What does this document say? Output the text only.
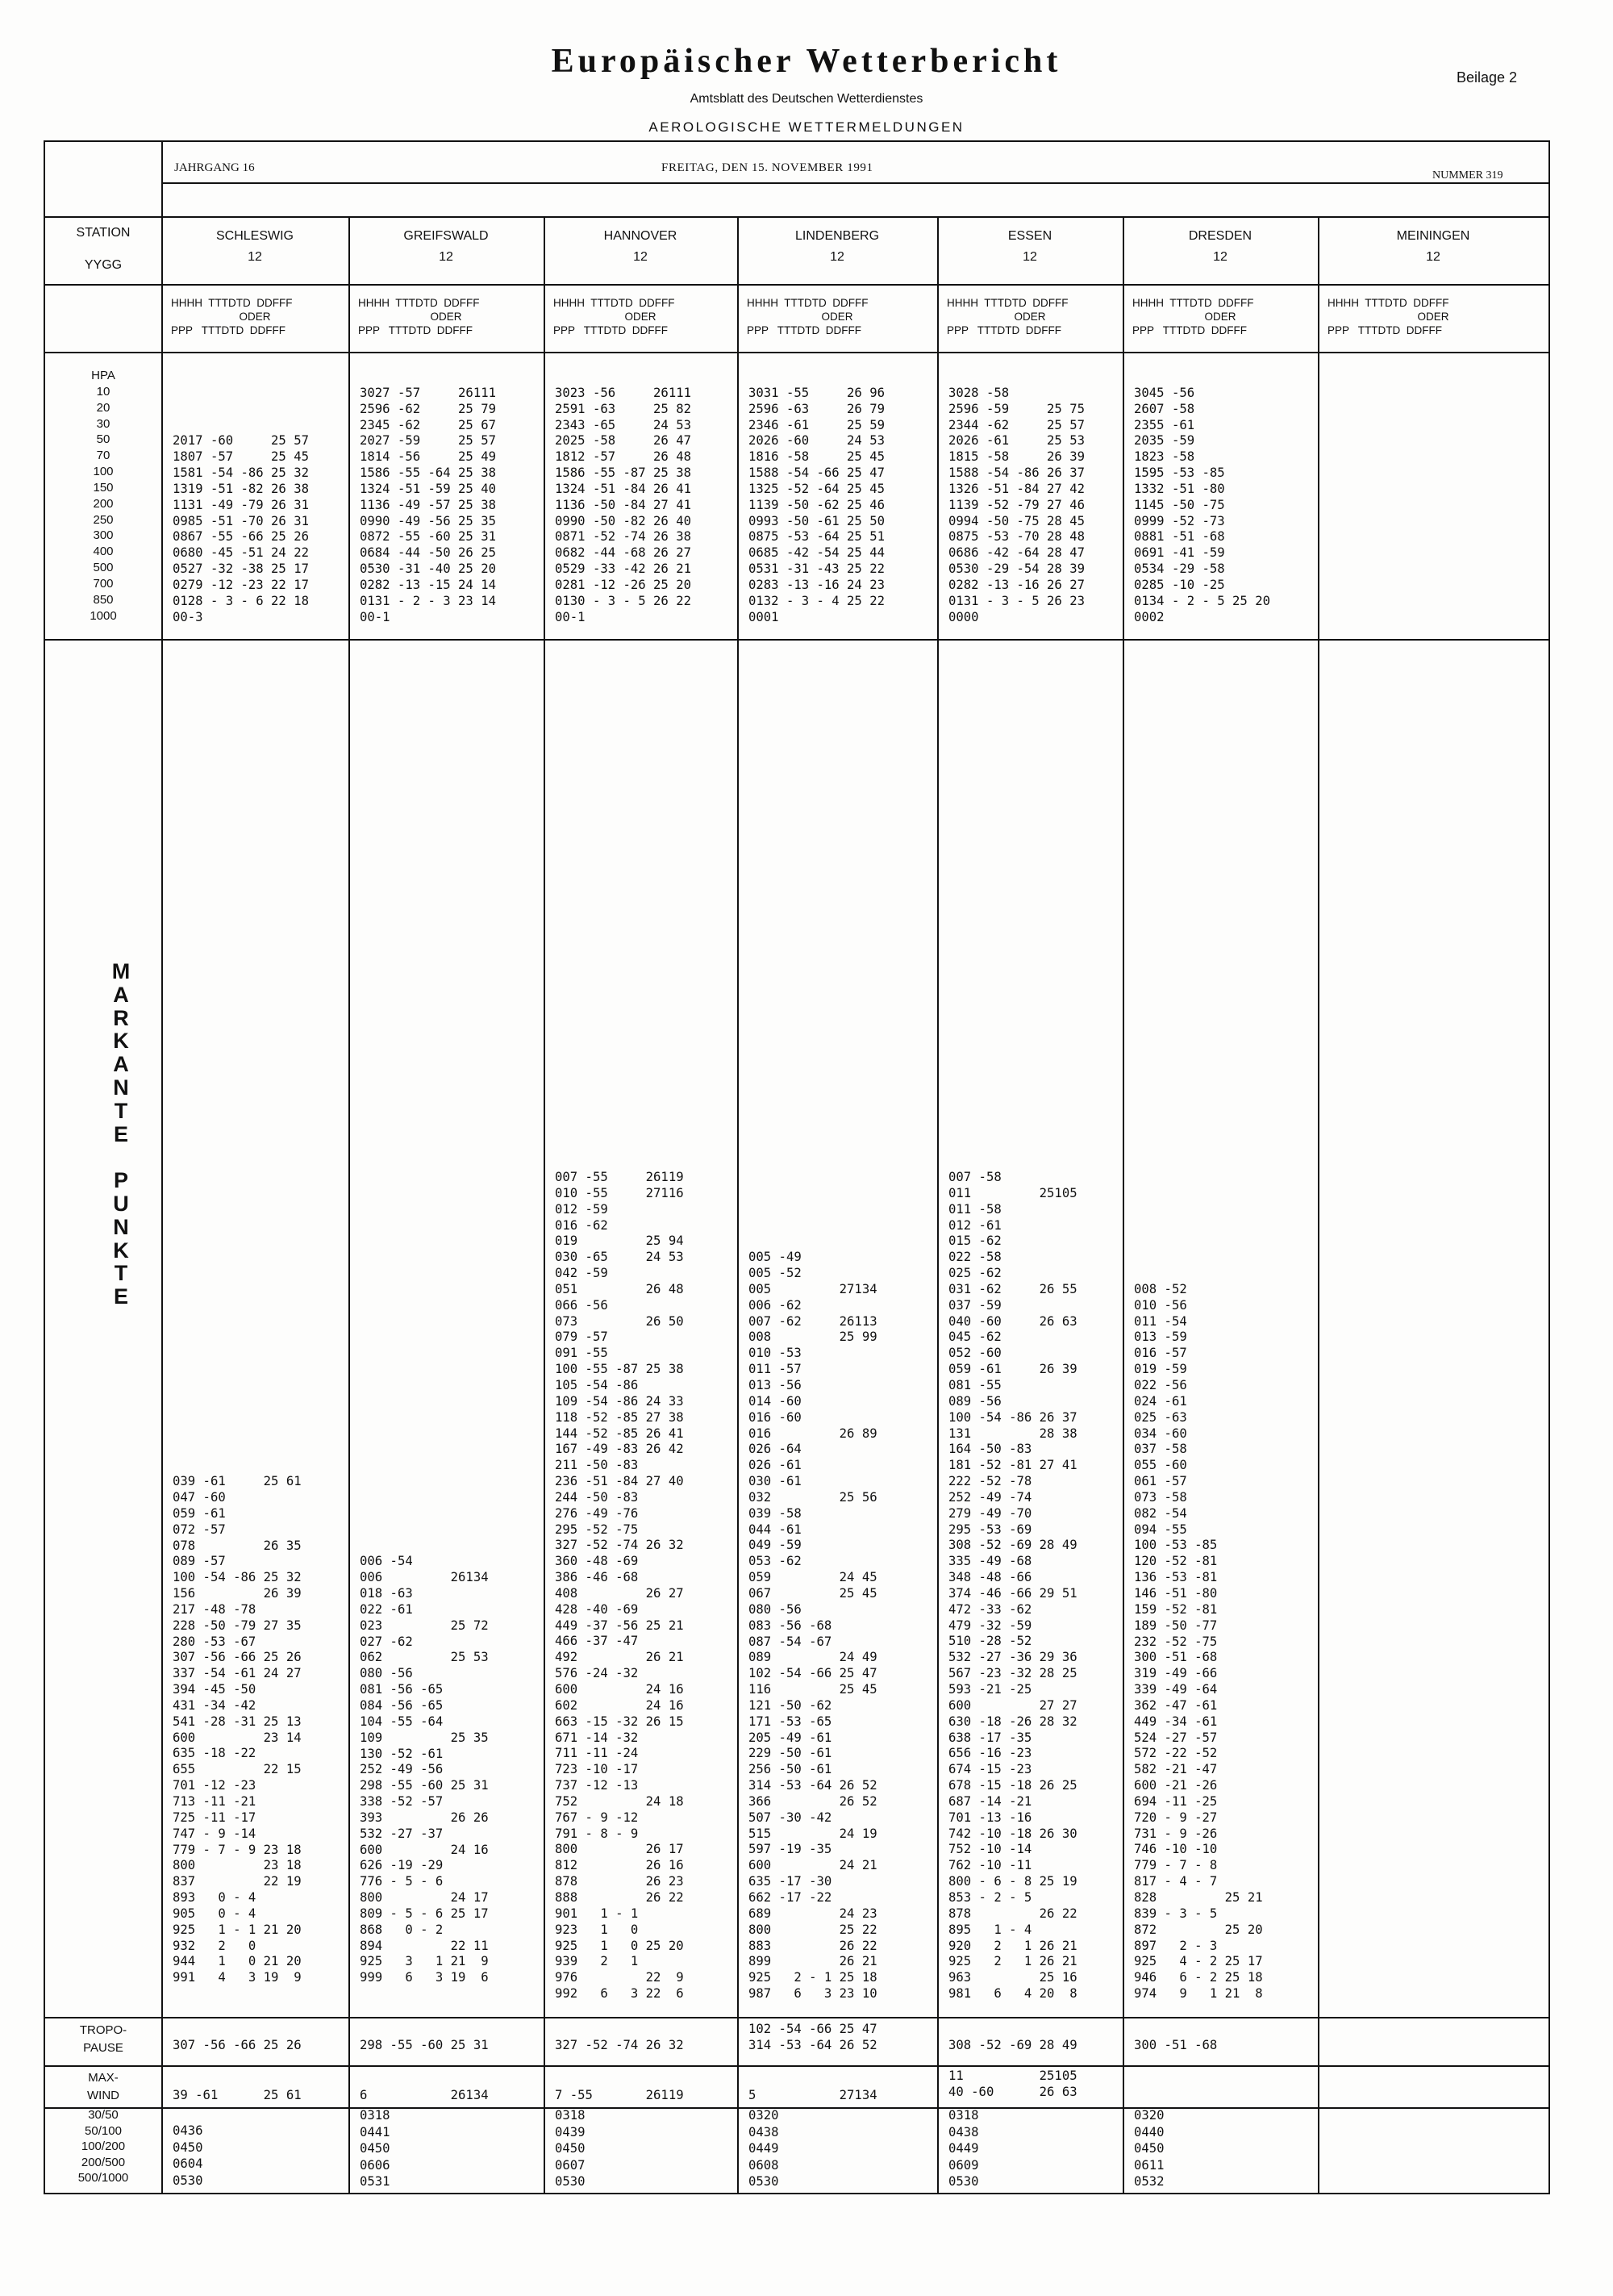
Europäischer Wetterbericht
Amtsblatt des Deutschen Wetterdienstes
AEROLOGISCHE WETTERMELDUNGEN
Beilage 2
JAHRGANG 16	FREITAG, DEN 15. NOVEMBER 1991
NUMMER 319
STATION
YYGG
HPA
10
20
30
50
70
100
150
200
250
300
400
500
700
850
1000
M
A
R
K
A
N
T
E

P
U
N
K
T
E
TROPO-
PAUSE
MAX-
WIND
30/50
50/100
100/200
200/500
500/1000
SCHLESWIG
12
HHHH  TTTDTD  DDFFF
ODER
PPP   TTTDTD  DDFFF

2017 -60     25 57
1807 -57     25 45
1581 -54 -86 25 32
1319 -51 -82 26 38
1131 -49 -79 26 31
0985 -51 -70 26 31
0867 -55 -66 25 26
0680 -45 -51 24 22
0527 -32 -38 25 17
0279 -12 -23 22 17
0128 - 3 - 6 22 18
00-3
039 -61     25 61
047 -60
059 -61
072 -57
078         26 35
089 -57
100 -54 -86 25 32
156         26 39
217 -48 -78
228 -50 -79 27 35
280 -53 -67
307 -56 -66 25 26
337 -54 -61 24 27
394 -45 -50
431 -34 -42
541 -28 -31 25 13
600         23 14
635 -18 -22
655         22 15
701 -12 -23
713 -11 -21
725 -11 -17
747 - 9 -14
779 - 7 - 9 23 18
800         23 18
837         22 19
893   0 - 4
905   0 - 4
925   1 - 1 21 20
932   2   0
944   1   0 21 20
991   4   3 19  9
307 -56 -66 25 26
39 -61      25 61
0436
0450
0604
0530
GREIFSWALD
12
HHHH  TTTDTD  DDFFF
ODER
PPP   TTTDTD  DDFFF
3027 -57     26111
2596 -62     25 79
2345 -62     25 67
2027 -59     25 57
1814 -56     25 49
1586 -55 -64 25 38
1324 -51 -59 25 40
1136 -49 -57 25 38
0990 -49 -56 25 35
0872 -55 -60 25 31
0684 -44 -50 26 25
0530 -31 -40 25 20
0282 -13 -15 24 14
0131 - 2 - 3 23 14
00-1
006 -54
006         26134
018 -63
022 -61
023         25 72
027 -62
062         25 53
080 -56
081 -56 -65
084 -56 -65
104 -55 -64
109         25 35
130 -52 -61
252 -49 -56
298 -55 -60 25 31
338 -52 -57
393         26 26
532 -27 -37
600         24 16
626 -19 -29
776 - 5 - 6
800         24 17
809 - 5 - 6 25 17
868   0 - 2
894         22 11
925   3   1 21  9
999   6   3 19  6
298 -55 -60 25 31
6           26134
0318
0441
0450
0606
0531
HANNOVER
12
HHHH  TTTDTD  DDFFF
ODER
PPP   TTTDTD  DDFFF
3023 -56     26111
2591 -63     25 82
2343 -65     24 53
2025 -58     26 47
1812 -57     26 48
1586 -55 -87 25 38
1324 -51 -84 26 41
1136 -50 -84 27 41
0990 -50 -82 26 40
0871 -52 -74 26 38
0682 -44 -68 26 27
0529 -33 -42 26 21
0281 -12 -26 25 20
0130 - 3 - 5 26 22
00-1
007 -55     26119
010 -55     27116
012 -59
016 -62
019         25 94
030 -65     24 53
042 -59
051         26 48
066 -56
073         26 50
079 -57
091 -55
100 -55 -87 25 38
105 -54 -86
109 -54 -86 24 33
118 -52 -85 27 38
144 -52 -85 26 41
167 -49 -83 26 42
211 -50 -83
236 -51 -84 27 40
244 -50 -83
276 -49 -76
295 -52 -75
327 -52 -74 26 32
360 -48 -69
386 -46 -68
408         26 27
428 -40 -69
449 -37 -56 25 21
466 -37 -47
492         26 21
576 -24 -32
600         24 16
602         24 16
663 -15 -32 26 15
671 -14 -32
711 -11 -24
723 -10 -17
737 -12 -13
752         24 18
767 - 9 -12
791 - 8 - 9
800         26 17
812         26 16
878         26 23
888         26 22
901   1 - 1
923   1   0
925   1   0 25 20
939   2   1
976         22  9
992   6   3 22  6
327 -52 -74 26 32
7 -55       26119
0318
0439
0450
0607
0530
LINDENBERG
12
HHHH  TTTDTD  DDFFF
ODER
PPP   TTTDTD  DDFFF
3031 -55     26 96
2596 -63     26 79
2346 -61     25 59
2026 -60     24 53
1816 -58     25 45
1588 -54 -66 25 47
1325 -52 -64 25 45
1139 -50 -62 25 46
0993 -50 -61 25 50
0875 -53 -64 25 51
0685 -42 -54 25 44
0531 -31 -43 25 22
0283 -13 -16 24 23
0132 - 3 - 4 25 22
0001
005 -49
005 -52
005         27134
006 -62
007 -62     26113
008         25 99
010 -53
011 -57
013 -56
014 -60
016 -60
016         26 89
026 -64
026 -61
030 -61
032         25 56
039 -58
044 -61
049 -59
053 -62
059         24 45
067         25 45
080 -56
083 -56 -68
087 -54 -67
089         24 49
102 -54 -66 25 47
116         25 45
121 -50 -62
171 -53 -65
205 -49 -61
229 -50 -61
256 -50 -61
314 -53 -64 26 52
366         26 52
507 -30 -42
515         24 19
597 -19 -35
600         24 21
635 -17 -30
662 -17 -22
689         24 23
800         25 22
883         26 22
899         26 21
925   2 - 1 25 18
987   6   3 23 10
102 -54 -66 25 47
314 -53 -64 26 52
5           27134
0320
0438
0449
0608
0530
ESSEN
12
HHHH  TTTDTD  DDFFF
ODER
PPP   TTTDTD  DDFFF
3028 -58
2596 -59     25 75
2344 -62     25 57
2026 -61     25 53
1815 -58     26 39
1588 -54 -86 26 37
1326 -51 -84 27 42
1139 -52 -79 27 46
0994 -50 -75 28 45
0875 -53 -70 28 48
0686 -42 -64 28 47
0530 -29 -54 28 39
0282 -13 -16 26 27
0131 - 3 - 5 26 23
0000
007 -58
011         25105
011 -58
012 -61
015 -62
022 -58
025 -62
031 -62     26 55
037 -59
040 -60     26 63
045 -62
052 -60
059 -61     26 39
081 -55
089 -56
100 -54 -86 26 37
131         28 38
164 -50 -83
181 -52 -81 27 41
222 -52 -78
252 -49 -74
279 -49 -70
295 -53 -69
308 -52 -69 28 49
335 -49 -68
348 -48 -66
374 -46 -66 29 51
472 -33 -62
479 -32 -59
510 -28 -52
532 -27 -36 29 36
567 -23 -32 28 25
593 -21 -25
600         27 27
630 -18 -26 28 32
638 -17 -35
656 -16 -23
674 -15 -23
678 -15 -18 26 25
687 -14 -21
701 -13 -16
742 -10 -18 26 30
752 -10 -14
762 -10 -11
800 - 6 - 8 25 19
853 - 2 - 5
878         26 22
895   1 - 4
920   2   1 26 21
925   2   1 26 21
963         25 16
981   6   4 20  8
308 -52 -69 28 49
11          25105
40 -60      26 63
0318
0438
0449
0609
0530
DRESDEN
12
HHHH  TTTDTD  DDFFF
ODER
PPP   TTTDTD  DDFFF
3045 -56
2607 -58
2355 -61
2035 -59
1823 -58
1595 -53 -85
1332 -51 -80
1145 -50 -75
0999 -52 -73
0881 -51 -68
0691 -41 -59
0534 -29 -58
0285 -10 -25
0134 - 2 - 5 25 20
0002
008 -52
010 -56
011 -54
013 -59
016 -57
019 -59
022 -56
024 -61
025 -63
034 -60
037 -58
055 -60
061 -57
073 -58
082 -54
094 -55
100 -53 -85
120 -52 -81
136 -53 -81
146 -51 -80
159 -52 -81
189 -50 -77
232 -52 -75
300 -51 -68
319 -49 -66
339 -49 -64
362 -47 -61
449 -34 -61
524 -27 -57
572 -22 -52
582 -21 -47
600 -21 -26
694 -11 -25
720 - 9 -27
731 - 9 -26
746 -10 -10
779 - 7 - 8
817 - 4 - 7
828         25 21
839 - 3 - 5
872         25 20
897   2 - 3
925   4 - 2 25 17
946   6 - 2 25 18
974   9   1 21  8
300 -51 -68
0320
0440
0450
0611
0532
MEININGEN
12
HHHH  TTTDTD  DDFFF
ODER
PPP   TTTDTD  DDFFF
